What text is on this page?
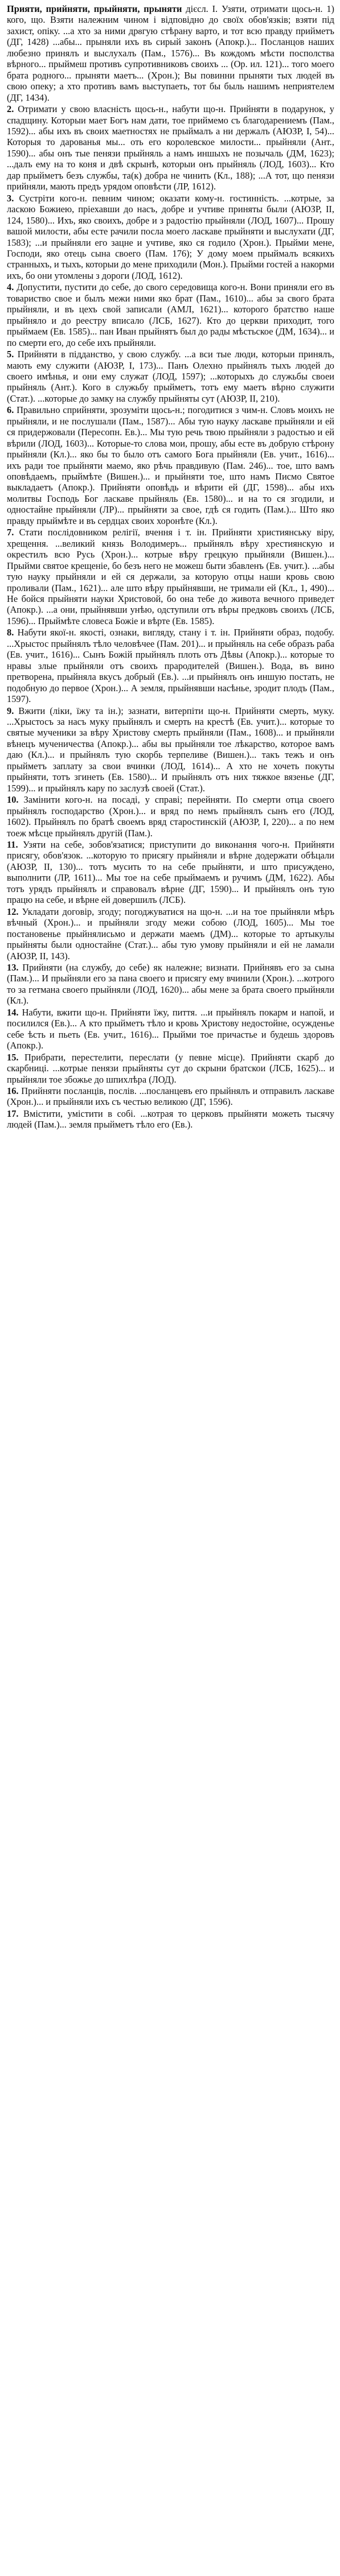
Прияти, прийняти, прыйняти, прыняти дієсл. I. Узяти, отримати щось-н. 1) кого, що. Взяти належним чином і відповідно до своїх обов'язків; взяти під захист, опіку. ...а хто за ними дрᴕгую стѣрану варто, и тот всю правду прийметъ (ДГ, 1428) ...абы... прыняли ихъ въ сирый законъ (Апокр.)... Посланцов наших любезно принялъ и выслухалъ (Пам., 1576)... Въ кождомъ мѣсти посполства вѣрного... прыймеш противъ супротивниковъ своихъ ... (Ор. ил. 121)... того моего брата родного... прыняти маетъ... (Хрон.); Вы повинни прыняти тых людей въ свою опеку; а хто противъ вамъ выступаеть, тот бы быль нашимъ неприятелем (ДГ, 1434).

2. Отримати у свою власність щось-н., набути що-н. Прийняти в подарунок, у спадщину. Которыи мает Богъ нам дати, тое приймемо съ благодарениемъ (Пам., 1592)... абы ихъ въ своих маетностях не прыймалъ а ни держалъ (АЮЗР, I, 54)... Которыя то дарованья мы... оть его королевское милости... прыйняли (Ант., 1590)... абы онъ тые пенязи прыйняль а намъ иншыхъ не позычаль (ДМ, 1623); ...далъ ему на то коня и двѣ скрынѣ, которыи онъ прыйняль (ЛОД, 1603)... Кто дар прыйметъ безъ службы, та(к) добра не чинить (Кл., 188); ...А тот, що пенязи прийняли, мають предъ урядом оповѣсти (ЛР, 1612).

3. Сустріти кого-н. певним чином; оказати кому-н. гостинність. ...котрые, за ласкою Божиею, пріехавши до насъ, добре и учтиве приняты были (АЮЗР, II, 124, 1580)... Ихъ, яко своихъ, добре и з радостію прыйняли (ЛОД, 1607)... Прошу вашой милости, абы есте рачили посла моего ласкаве прыйняти и выслухати (ДГ, 1583); ...и прыйняли его зацне и учтиве, яко ся годило (Хрон.). Прыйми мене, Господи, яко отець сына своего (Пам. 176); У дому моем прыймалъ всякихъ странныхъ, и тыхъ, которыи до мене приходили (Мон.). Прыйми гостей а накорми ихъ, бо они утомлены з дороги (ЛОД, 1612).

4. Допустити, пустити до себе, до свого середовища кого-н. Вони приняли его въ товариство свое и былъ межи ними яко брат (Пам., 1610)... абы за свого брата прыйняли, и въ цехъ свой записали (АМЛ, 1621)... которого братство наше прыйняло и до реестру вписало (ЛСБ, 1627). Кто до церкви приходит, того прыймаем (Ев. 1585)... пан Иван прыйнятъ был до рады мѣстьское (ДМ, 1634)... и по смерти его, до себе ихъ прыйняли.

5. Прийняти в підданство, у свою службу. ...а вси тые люди, которыи принялъ, мають ему служити (АЮЗР, I, 173)... Панъ Олехно прыйнялъ тыхъ людей до своего имѣнья, и они ему служат (ЛОД, 1597); ...которыхъ до служьбы своеи прыйняль (Ант.). Кого в служьбу прыйметъ, тотъ ему маетъ вѣрно служити (Стат.). ...которые до замку на службу прыйняты сут (АЮЗР, II, 210).

6. Правильно сприйняти, зрозуміти щось-н.; погодитися з чим-н. Словъ моихъ не прыйняли, и не послушали (Пам., 1587)... Абы тую науку ласкаве прыйняли и ей ся придержовали (Пересопн. Ев.)... Мы тую речь твою прыйняли з радостью и ей вѣрили (ЛОД, 1603)... Которые-то слова мои, прошу, абы есте въ добрую стѣрону прыйняли (Кл.)... яко бы то было отъ самого Бога прыйняли (Ев. учит., 1616)... ихъ ради тое прыйняти маемо, яко рѣчь правдивую (Пам. 246)... тое, што вамъ оповѣдаемъ, прыймѣте (Вишен.)... и прыйняти тое, што намъ Писмо Святое выкладаетъ (Апокр.). Прийняти оповѣдь и вѣрити ей (ДГ, 1598)... абы ихъ молитвы Господь Бог ласкаве прыйняль (Ев. 1580)... и на то ся згодили, и одностайне прыйняли (ЛР)... прыйняти за свое, гдѣ ся годить (Пам.)... Што яко правду прыймѣте и въ сердцах своих хоронѣте (Кл.).

7. Стати послідовником релігії, вчення і т. ін. Прийняти християнську віру, хрещення. ...великий князь Володимеръ... прыйнялъ вѣру хрестиянскую и окрестилъ всю Русь (Хрон.)... котрые вѣру грецкую прыйняли (Вишен.)... Прыйми святое крещеніе, бо безъ него не можеш быти збавленъ (Ев. учит.). ...абы тую науку прыйняли и ей ся держали, за которую отцы наши кровь свою проливали (Пам., 1621)... але што вѣру прыйнявши, не тримали ей (Кл., 1, 490)... Не бойся прыйняти науки Христовой, бо она тебе до живота вечного приведет (Апокр.). ...а они, прыйнявши унѣю, одступили отъ вѣры предковъ своихъ (ЛСБ, 1596)... Прыймѣте словеса Божіе и вѣрте (Ев. 1585).

8. Набути якої-н. якості, ознаки, вигляду, стану і т. ін. Прийняти образ, подобу. ...Хрыстос прыйнялъ тѣло человѣчее (Пам. 201)... и прыйняль на себе образъ раба (Ев. учит., 1616)... Сынъ Божій прыйнялъ плоть отъ Дѣвы (Апокр.)... которые то нравы злые прыйняли отъ своихъ прародителей (Вишен.). Вода, въ вино претворена, прыйняла вкусъ добрый (Ев.). ...и прыйнялъ онъ иншую постать, не подобную до первое (Хрон.)... А земля, прыйнявши насѣнье, зродит плодъ (Пам., 1597).

9. Вжити (ліки, їжу та ін.); зазнати, витерпіти що-н. Прийняти смерть, муку. ...Хрыстосъ за насъ муку прыйнялъ и смерть на крестѣ (Ев. учит.)... которые то святые мученики за вѣру Христову смерть прыйняли (Пам., 1608)... и прыйняли вѣнецъ мученичества (Апокр.)... абы вы прыйняли тое лѣкарство, которое вамъ даю (Кл.)... и прыйнялъ тую скорбь терпеливе (Вишен.)... такъ тежъ и онъ прыйметъ заплату за свои вчинки (ЛОД, 1614)... А хто не хочеть покуты прыйняти, тотъ згинеть (Ев. 1580)... И прыйнялъ отъ них тяжкое вязенье (ДГ, 1599)... и прыйнялъ кару по заслузѣ своей (Стат.).

10. Замінити кого-н. на посаді, у справі; перейняти. По смерти отца своего прыйнялъ господарство (Хрон.)... и вряд по немъ прыйнялъ сынъ его (ЛОД, 1602). Прыйнялъ по братѣ своемъ вряд старостинскій (АЮЗР, I, 220)... а по нем тоеж мѣсце прыйнялъ другій (Пам.).

11. Узяти на себе, зобов'язатися; приступити до виконання чого-н. Прийняти присягу, обов'язок. ...которую то присягу прыйняли и вѣрне додержати обѣцали (АЮЗР, II, 130)... тотъ мусить то на себе прыйняти, и што присуждено, выполнити (ЛР, 1611)... Мы тое на себе прыймаемъ и ручимъ (ДМ, 1622). Абы тотъ урядъ прыйнялъ и справовалъ вѣрне (ДГ, 1590)... И прыйнялъ онъ тую працю на себе, и вѣрне ей довершилъ (ЛСБ).

12. Укладати договір, згоду; погоджуватися на що-н. ...и на тое прыйняли мѣръ вѣчный (Хрон.)... и прыйняли згоду межи собою (ЛОД, 1605)... Мы тое постановенье прыйнялисьмо и держати маемъ (ДМ)... которые то артыкулы прыйняты были одностайне (Стат.)... абы тую умову прыйняли и ей не ламали (АЮЗР, II, 143).

13. Прийняти (на службу, до себе) як належне; визнати. Прийнявъ его за сына (Пам.)... И прыйняли его за пана своего и присягу ему вчинили (Хрон.). ...котрого то за гетмана своего прыйняли (ЛОД, 1620)... абы мене за брата своего прыйняли (Кл.).

14. Набути, вжити що-н. Прийняти їжу, пиття. ...и прыйнялъ покарм и напой, и посилился (Ев.)... А кто прыйметъ тѣло и кровь Христову недостойне, осужденье себе ѣсть и пьеть (Ев. учит., 1616)... Прыйми тое причастье и будешь здоровъ (Апокр.).

15. Прибрати, перестелити, переслати (у певне місце). Прийняти скарб до скарбниці. ...котрые пенязи прыйняты сут до скрыни братскои (ЛСБ, 1625)... и прыйняли тое збожье до шпихлѣра (ЛОД).

16. Прийняти посланців, послів. ...посланцевъ его прыйнялъ и отправилъ ласкаве (Хрон.)... и прыйняли ихъ съ честью великою (ДГ, 1596).

17. Вмістити, умістити в собі. ...котрая то церковъ прыйняти можеть тысячу людей (Пам.)... земля прыйметъ тѣло его (Ев.).
